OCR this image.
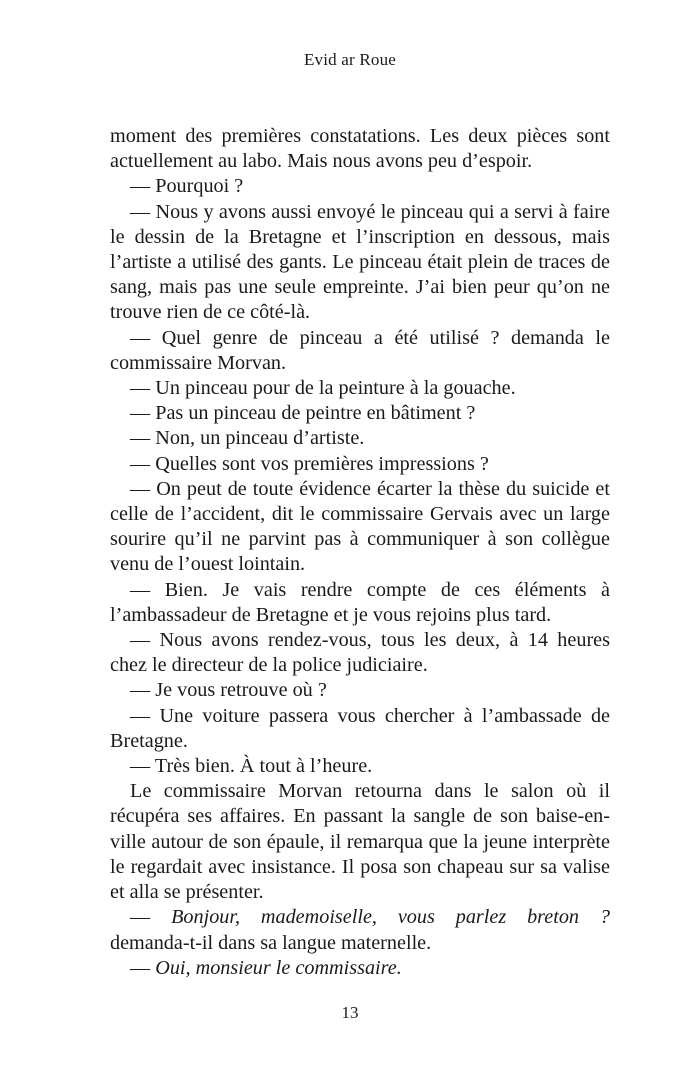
Evid ar Roue

moment des premières constatations. Les deux pièces sont actuellement au labo. Mais nous avons peu d’espoir.

— Pourquoi ?

— Nous y avons aussi envoyé le pinceau qui a servi à faire le dessin de la Bretagne et l’inscription en dessous, mais l’artiste a utilisé des gants. Le pinceau était plein de traces de sang, mais pas une seule empreinte. J’ai bien peur qu’on ne trouve rien de ce côté-là.

— Quel genre de pinceau a été utilisé ? demanda le commissaire Morvan.

— Un pinceau pour de la peinture à la gouache.

— Pas un pinceau de peintre en bâtiment ?

— Non, un pinceau d’artiste.

— Quelles sont vos premières impressions ?

— On peut de toute évidence écarter la thèse du suicide et celle de l’accident, dit le commissaire Gervais avec un large sourire qu’il ne parvint pas à communiquer à son collègue venu de l’ouest lointain.

— Bien. Je vais rendre compte de ces éléments à l’ambassadeur de Bretagne et je vous rejoins plus tard.

— Nous avons rendez-vous, tous les deux, à 14 heures chez le directeur de la police judiciaire.

— Je vous retrouve où ?

— Une voiture passera vous chercher à l’ambassade de Bretagne.

— Très bien. À tout à l’heure.

Le commissaire Morvan retourna dans le salon où il récupéra ses affaires. En passant la sangle de son baise-en-ville autour de son épaule, il remarqua que la jeune interprète le regardait avec insistance. Il posa son chapeau sur sa valise et alla se présenter.

— Bonjour, mademoiselle, vous parlez breton ?

demanda-t-il dans sa langue maternelle.

— Oui, monsieur le commissaire.

13
